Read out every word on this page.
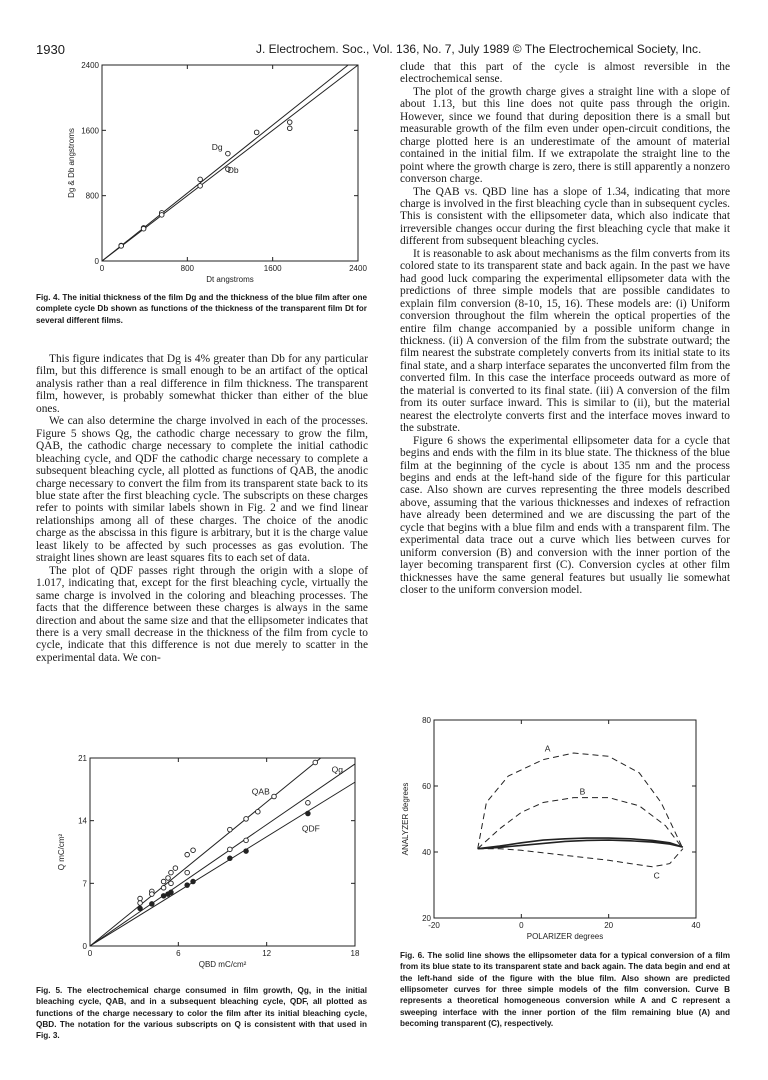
1930	J. Electrochem. Soc., Vol. 136, No. 7, July 1989 © The Electrochemical Society, Inc.
0	800	1600	2400
0
800
1600
2400
Dt angstroms
Dg & Db angstroms	Dg
Db
Fig. 4. The initial thickness of the film Dg and the thickness of the blue film after one complete cycle Db shown as functions of the thickness of the transparent film Dt for several different films.

This figure indicates that Dg is 4% greater than Db for any particular film, but this difference is small enough to be an artifact of the optical analysis rather than a real difference in film thickness. The transparent film, however, is probably somewhat thicker than either of the blue ones.

We can also determine the charge involved in each of the processes. Figure 5 shows Qg, the cathodic charge necessary to grow the film, QAB, the cathodic charge necessary to complete the initial cathodic bleaching cycle, and QDF the cathodic charge necessary to complete a subsequent bleaching cycle, all plotted as functions of QAB, the anodic charge necessary to convert the film from its transparent state back to its blue state after the first bleaching cycle. The subscripts on these charges refer to points with similar labels shown in Fig. 2 and we find linear relationships among all of these charges. The choice of the anodic charge as the abscissa in this figure is arbitrary, but it is the charge value least likely to be affected by such processes as gas evolution. The straight lines shown are least squares fits to each set of data.

The plot of QDF passes right through the origin with a slope of 1.017, indicating that, except for the first bleaching cycle, virtually the same charge is involved in the coloring and bleaching processes. The facts that the difference between these charges is always in the same direction and about the same size and that the ellipsometer indicates that there is a very small decrease in the thickness of the film from cycle to cycle, indicate that this difference is not due merely to scatter in the experimental data. We con-

0	6	12	18
0
7
14
21
QBD mC/cm²
Q mC/cm²
Qg
QAB
QDF
Fig. 5. The electrochemical charge consumed in film growth, Qg, in the initial bleaching cycle, QAB, and in a subsequent bleaching cycle, QDF, all plotted as functions of the charge necessary to color the film after its initial bleaching cycle, QBD. The notation for the various subscripts on Q is consistent with that used in Fig. 3.

clude that this part of the cycle is almost reversible in the electrochemical sense.

The plot of the growth charge gives a straight line with a slope of about 1.13, but this line does not quite pass through the origin. However, since we found that during deposition there is a small but measurable growth of the film even under open-circuit conditions, the charge plotted here is an underestimate of the amount of material contained in the initial film. If we extrapolate the straight line to the point where the growth charge is zero, there is still apparently a nonzero converson charge.

The QAB vs. QBD line has a slope of 1.34, indicating that more charge is involved in the first bleaching cycle than in subsequent cycles. This is consistent with the ellipsometer data, which also indicate that irreversible changes occur during the first bleaching cycle that make it different from subsequent bleaching cycles.

It is reasonable to ask about mechanisms as the film converts from its colored state to its transparent state and back again. In the past we have had good luck comparing the experimental ellipsometer data with the predictions of three simple models that are possible candidates to explain film conversion (8-10, 15, 16). These models are: (i) Uniform conversion throughout the film wherein the optical properties of the entire film change accompanied by a possible uniform change in thickness. (ii) A conversion of the film from the substrate outward; the film nearest the substrate completely converts from its initial state to its final state, and a sharp interface separates the unconverted film from the converted film. In this case the interface proceeds outward as more of the material is converted to its final state. (iii) A conversion of the film from its outer surface inward. This is similar to (ii), but the material nearest the electrolyte converts first and the interface moves inward to the substrate.

Figure 6 shows the experimental ellipsometer data for a cycle that begins and ends with the film in its blue state. The thickness of the blue film at the beginning of the cycle is about 135 nm and the process begins and ends at the left-hand side of the figure for this particular case. Also shown are curves representing the three models described above, assuming that the various thicknesses and indexes of refraction have already been determined and we are discussing the part of the cycle that begins with a blue film and ends with a transparent film. The experimental data trace out a curve which lies between curves for uniform conversion (B) and conversion with the inner portion of the layer becoming transparent first (C). Conversion cycles at other film thicknesses have the same general features but usually lie somewhat closer to the uniform conversion model.

-20	0	20	40
20
40
60
80
POLARIZER degrees
ANALYZER degrees
A
B
C
Fig. 6. The solid line shows the ellipsometer data for a typical conversion of a film from its blue state to its transparent state and back again. The data begin and end at the left-hand side of the figure with the blue film. Also shown are predicted ellipsometer curves for three simple models of the film conversion. Curve B represents a theoretical homogeneous conversion while A and C represent a sweeping interface with the inner portion of the film remaining blue (A) and becoming transparent (C), respectively.
